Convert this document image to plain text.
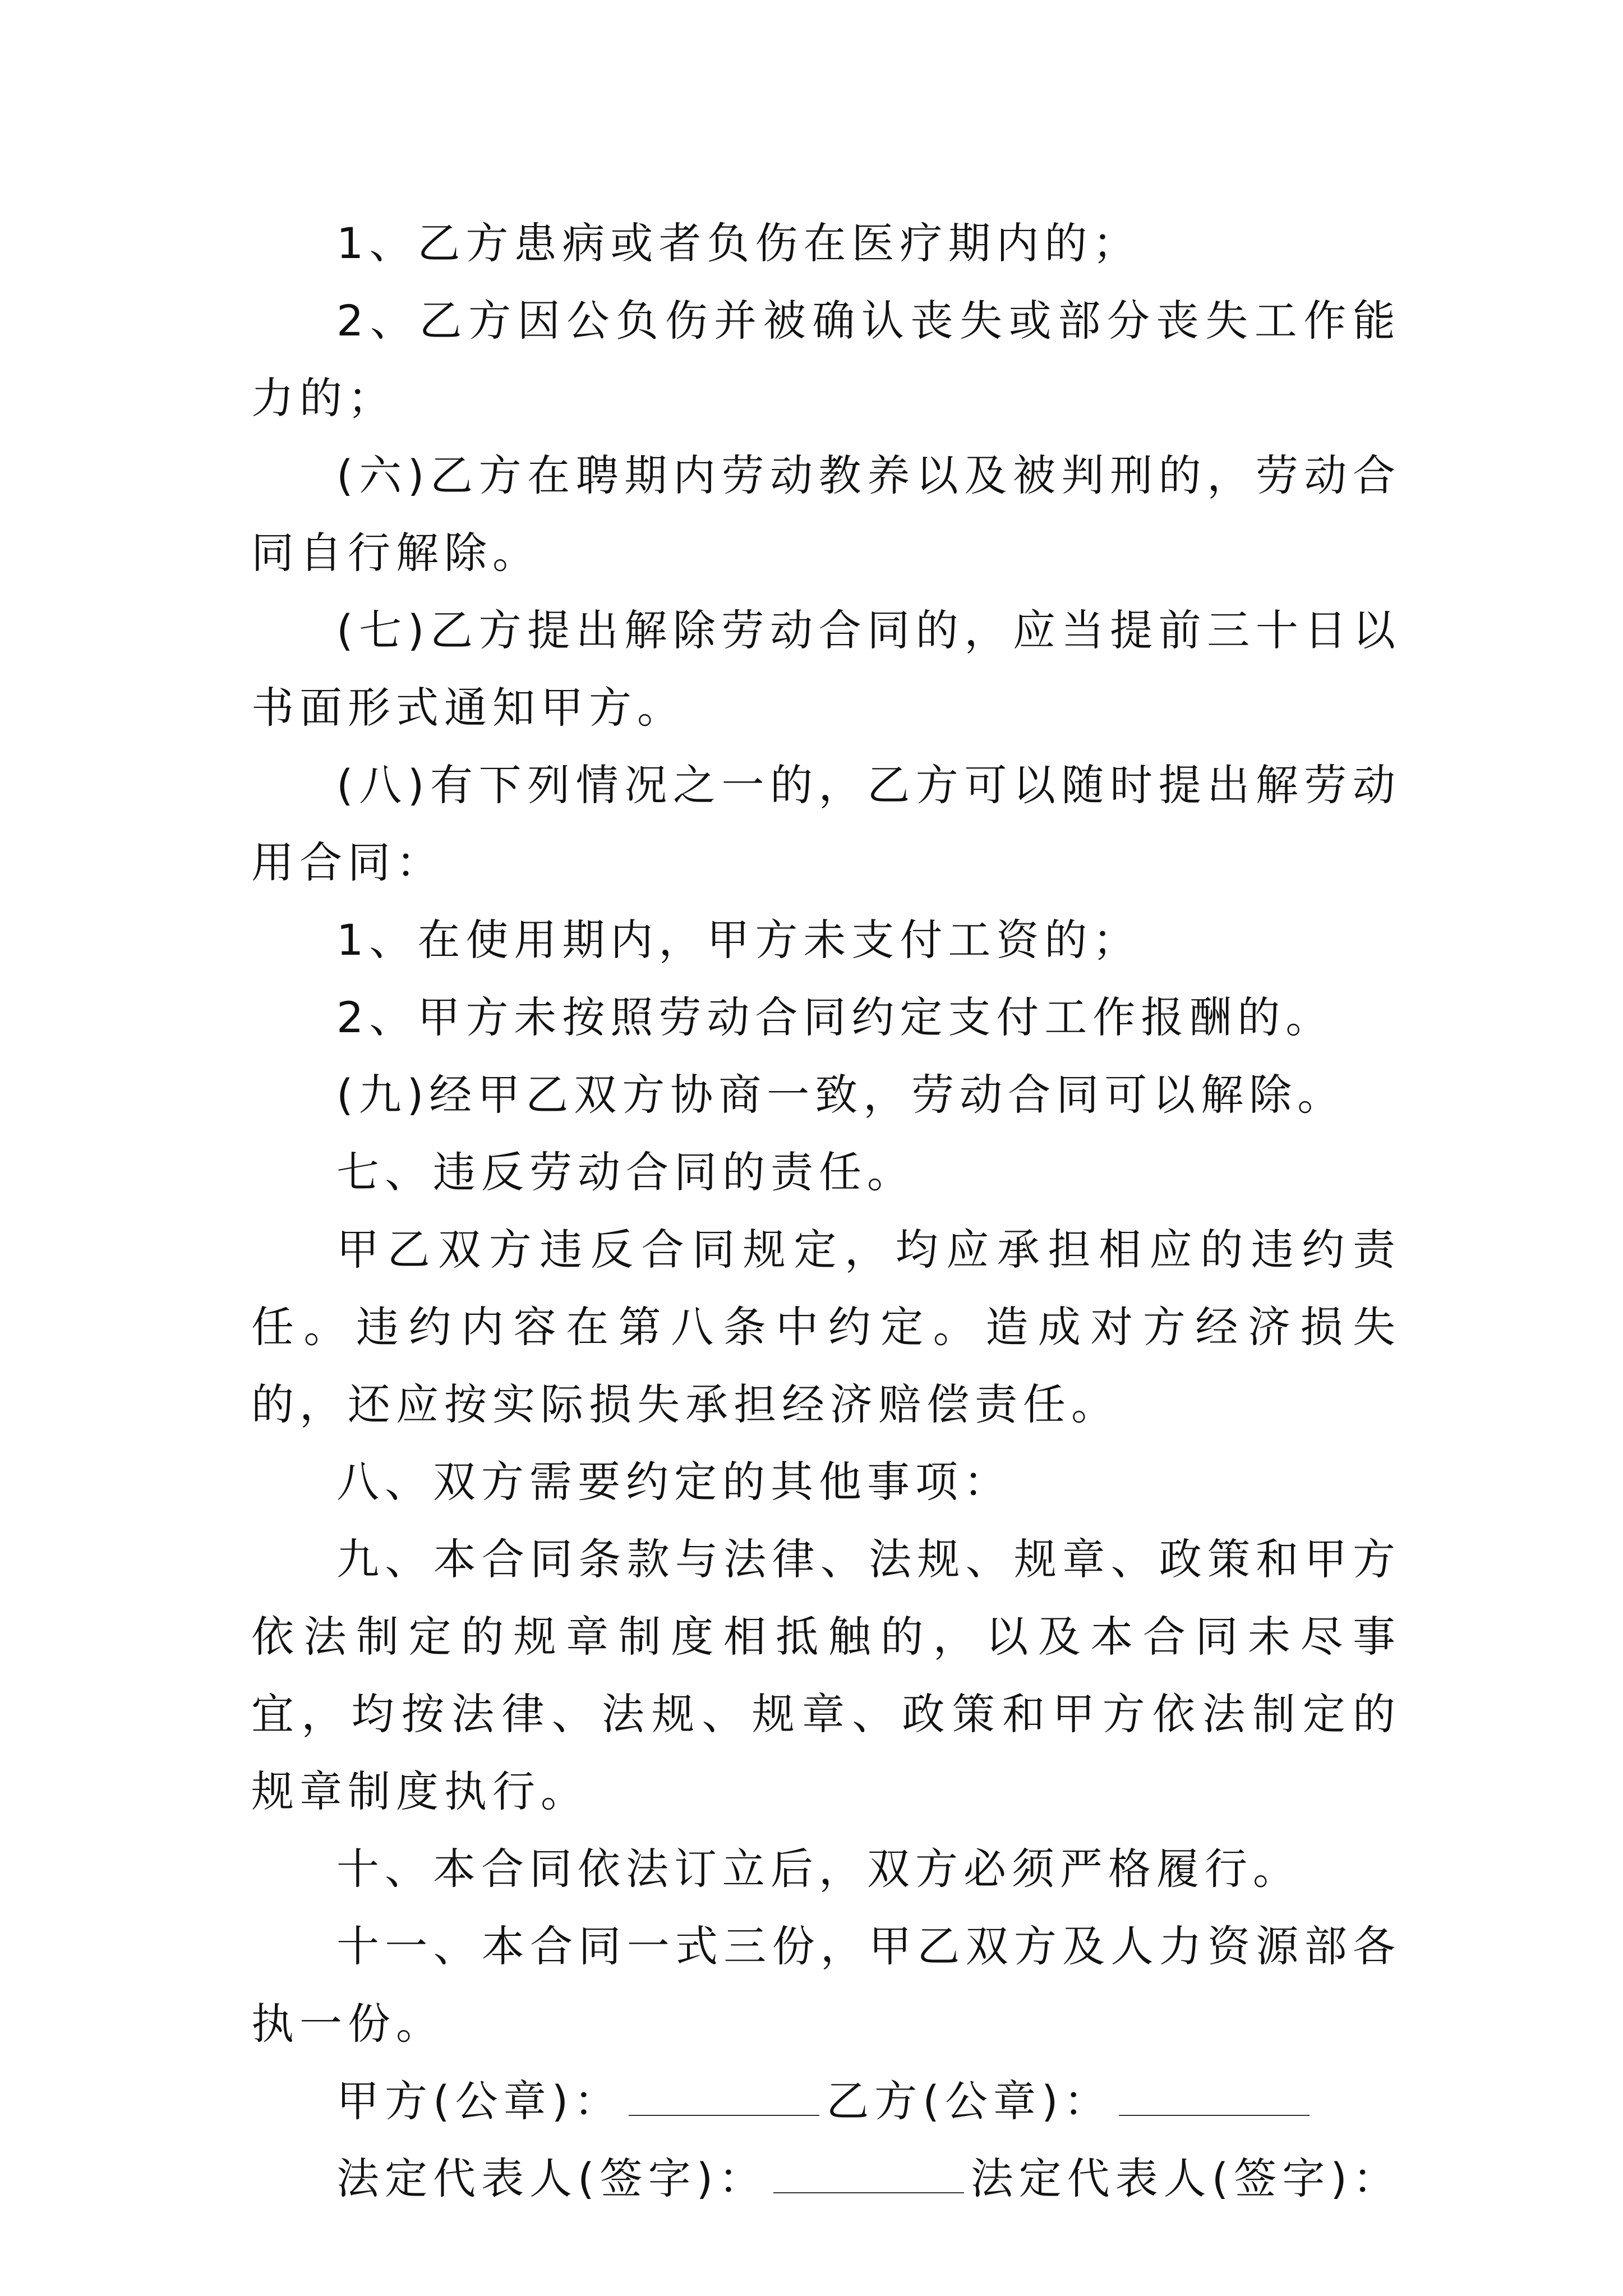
1、乙方患病或者负伤在医疗期内的；

2、乙方因公负伤并被确认丧失或部分丧失工作能力的；

(六)乙方在聘期内劳动教养以及被判刑的，劳动合同自行解除。

(七)乙方提出解除劳动合同的，应当提前三十日以书面形式通知甲方。

(八)有下列情况之一的，乙方可以随时提出解劳动用合同：

1、在使用期内，甲方未支付工资的；

2、甲方未按照劳动合同约定支付工作报酬的。

(九)经甲乙双方协商一致，劳动合同可以解除。

七、违反劳动合同的责任。

甲乙双方违反合同规定，均应承担相应的违约责任。违约内容在第八条中约定。造成对方经济损失的，还应按实际损失承担经济赔偿责任。

八、双方需要约定的其他事项：

九、本合同条款与法律、法规、规章、政策和甲方依法制定的规章制度相抵触的，以及本合同未尽事宜，均按法律、法规、规章、政策和甲方依法制定的规章制度执行。

十、本合同依法订立后，双方必须严格履行。

十一、本合同一式三份，甲乙双方及人力资源部各执一份。

甲方(公章)：	乙方(公章)：
法定代表人(签字)：	法定代表人(签字)：
